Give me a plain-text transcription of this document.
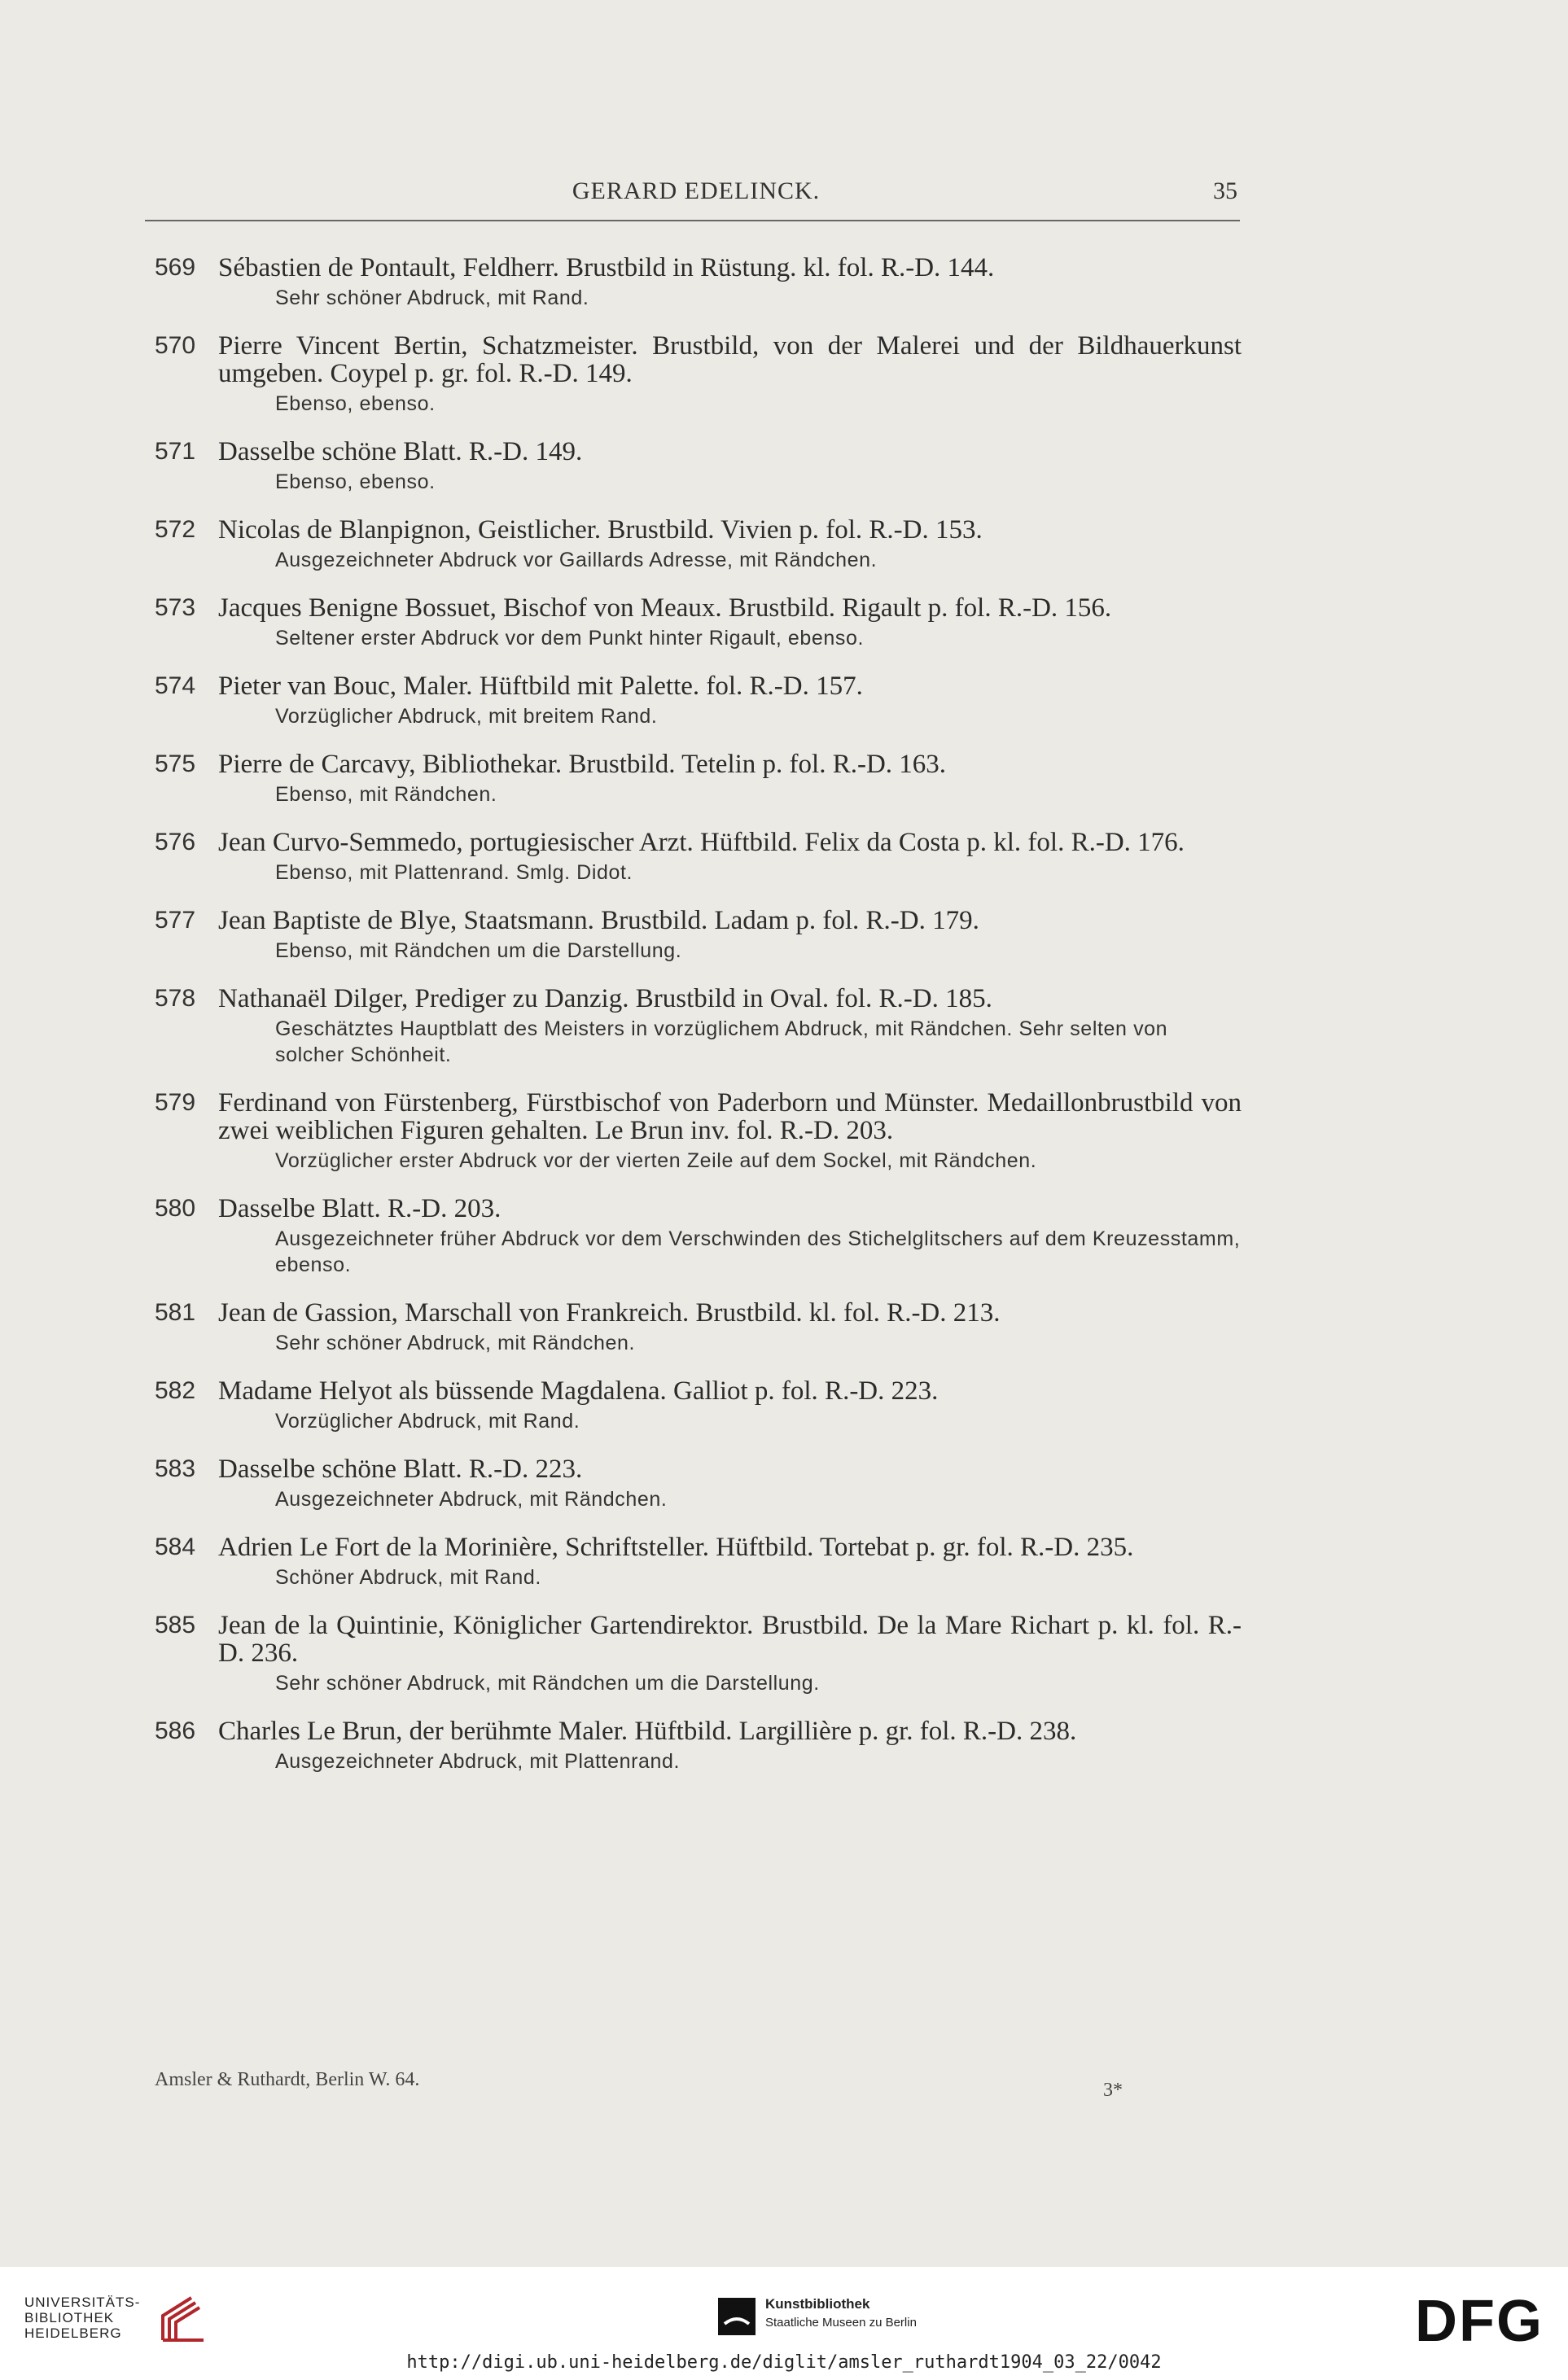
GERARD EDELINCK.	35
569 Sébastien de Pontault, Feldherr. Brustbild in Rüstung. kl. fol. R.-D. 144.
Sehr schöner Abdruck, mit Rand.
570 Pierre Vincent Bertin, Schatzmeister. Brustbild, von der Malerei und der Bildhauerkunst umgeben. Coypel p. gr. fol. R.-D. 149.
Ebenso, ebenso.
571 Dasselbe schöne Blatt. R.-D. 149.
Ebenso, ebenso.
572 Nicolas de Blanpignon, Geistlicher. Brustbild. Vivien p. fol. R.-D. 153.
Ausgezeichneter Abdruck vor Gaillards Adresse, mit Rändchen.
573 Jacques Benigne Bossuet, Bischof von Meaux. Brustbild. Rigault p. fol. R.-D. 156.
Seltener erster Abdruck vor dem Punkt hinter Rigault, ebenso.
574 Pieter van Bouc, Maler. Hüftbild mit Palette. fol. R.-D. 157.
Vorzüglicher Abdruck, mit breitem Rand.
575 Pierre de Carcavy, Bibliothekar. Brustbild. Tetelin p. fol. R.-D. 163.
Ebenso, mit Rändchen.
576 Jean Curvo-Semmedo, portugiesischer Arzt. Hüftbild. Felix da Costa p. kl. fol. R.-D. 176.
Ebenso, mit Plattenrand. Smlg. Didot.
577 Jean Baptiste de Blye, Staatsmann. Brustbild. Ladam p. fol. R.-D. 179.
Ebenso, mit Rändchen um die Darstellung.
578 Nathanaël Dilger, Prediger zu Danzig. Brustbild in Oval. fol. R.-D. 185.
Geschätztes Hauptblatt des Meisters in vorzüglichem Abdruck, mit Rändchen. Sehr selten von solcher Schönheit.
579 Ferdinand von Fürstenberg, Fürstbischof von Paderborn und Münster. Medaillonbrustbild von zwei weiblichen Figuren gehalten. Le Brun inv. fol. R.-D. 203.
Vorzüglicher erster Abdruck vor der vierten Zeile auf dem Sockel, mit Rändchen.
580 Dasselbe Blatt. R.-D. 203.
Ausgezeichneter früher Abdruck vor dem Verschwinden des Stichelglitschers auf dem Kreuzesstamm, ebenso.
581 Jean de Gassion, Marschall von Frankreich. Brustbild. kl. fol. R.-D. 213.
Sehr schöner Abdruck, mit Rändchen.
582 Madame Helyot als büssende Magdalena. Galliot p. fol. R.-D. 223.
Vorzüglicher Abdruck, mit Rand.
583 Dasselbe schöne Blatt. R.-D. 223.
Ausgezeichneter Abdruck, mit Rändchen.
584 Adrien Le Fort de la Morinière, Schriftsteller. Hüftbild. Tortebat p. gr. fol. R.-D. 235.
Schöner Abdruck, mit Rand.
585 Jean de la Quintinie, Königlicher Gartendirektor. Brustbild. De la Mare Richart p. kl. fol. R.-D. 236.
Sehr schöner Abdruck, mit Rändchen um die Darstellung.
586 Charles Le Brun, der berühmte Maler. Hüftbild. Largillière p. gr. fol. R.-D. 238.
Ausgezeichneter Abdruck, mit Plattenrand.
Amsler & Ruthardt, Berlin W. 64.	3*
UNIVERSITÄTS-
BIBLIOTHEK
HEIDELBERG
Kunstbibliothek
Staatliche Museen zu Berlin	DFG
http://digi.ub.uni-heidelberg.de/diglit/amsler_ruthardt1904_03_22/0042
